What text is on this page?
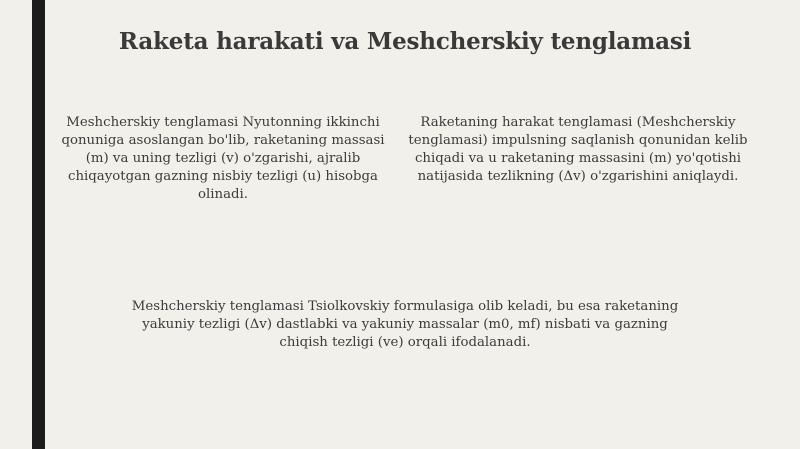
Raketa harakati va Meshcherskiy tenglamasi
Meshcherskiy tenglamasi Nyutonning ikkinchi qonuniga asoslangan bo'lib, raketaning massasi (m) va uning tezligi (v) o'zgarishi, ajralib chiqayotgan gazning nisbiy tezligi (u) hisobga olinadi.
Raketaning harakat tenglamasi (Meshcherskiy tenglamasi) impulsning saqlanish qonunidan kelib chiqadi va u raketaning massasini (m) yo'qotishi natijasida tezlikning (Δv) o'zgarishini aniqlaydi.
Meshcherskiy tenglamasi Tsiolkovskiy formulasiga olib keladi, bu esa raketaning yakuniy tezligi (Δv) dastlabki va yakuniy massalar (m0, mf) nisbati va gazning chiqish tezligi (ve) orqali ifodalanadi.
